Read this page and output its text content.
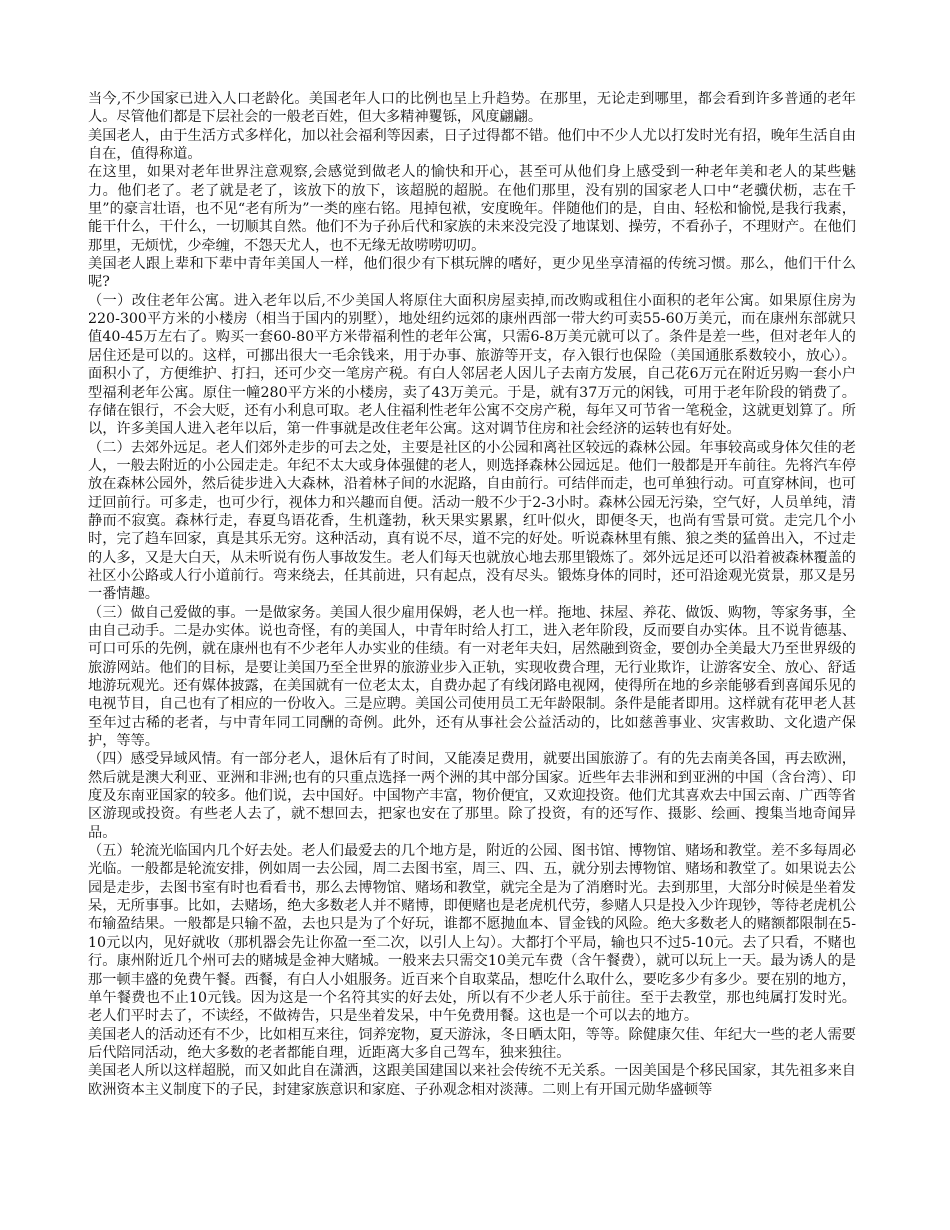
当今,不少国家已进入人口老龄化。美国老年人口的比例也呈上升趋势。在那里，无论走到哪里，都会看到许多普通的老年人。尽管他们都是下层社会的一般老百姓，但大多精神矍铄，风度翩翩。

美国老人，由于生活方式多样化，加以社会福利等因素，日子过得都不错。他们中不少人尤以打发时光有招，晚年生活自由自在，值得称道。

在这里，如果对老年世界注意观察,会感觉到做老人的愉快和开心，甚至可从他们身上感受到一种老年美和老人的某些魅力。他们老了。老了就是老了，该放下的放下，该超脱的超脱。在他们那里，没有别的国家老人口中“老骥伏枥，志在千里”的豪言壮语，也不见“老有所为”一类的座右铭。甩掉包袱，安度晚年。伴随他们的是，自由、轻松和愉悦,是我行我素，能干什么，干什么，一切顺其自然。他们不为子孙后代和家族的未来没完没了地谋划、操劳，不看孙子，不理财产。在他们那里，无烦忧，少牵缠，不怨天尤人，也不无缘无故唠唠叨叨。

美国老人跟上辈和下辈中青年美国人一样，他们很少有下棋玩牌的嗜好，更少见坐享清福的传统习惯。那么，他们干什么呢?

（一）改住老年公寓。进入老年以后,不少美国人将原住大面积房屋卖掉,而改购或租住小面积的老年公寓。如果原住房为220-300平方米的小楼房（相当于国内的别墅），地处纽约远郊的康州西部一带大约可卖55-60万美元，而在康州东部就只值40-45万左右了。购买一套60-80平方米带福利性的老年公寓，只需6-8万美元就可以了。条件是差一些，但对老年人的居住还是可以的。这样，可挪出很大一毛余钱来，用于办事、旅游等开支，存入银行也保险（美国通胀系数较小，放心）。面积小了，方便维护、打扫，还可少交一笔房产税。有白人邻居老人因儿子去南方发展，自己花6万元在附近另购一套小户型福利老年公寓。原住一幢280平方米的小楼房，卖了43万美元。于是，就有37万元的闲钱，可用于老年阶段的销费了。存储在银行，不会大贬，还有小利息可取。老人住福利性老年公寓不交房产税，每年又可节省一笔税金，这就更划算了。所以，许多美国人进入老年以后，第一件事就是改住老年公寓。这对调节住房和社会经济的运转也有好处。

（二）去郊外远足。老人们郊外走步的可去之处，主要是社区的小公园和离社区较远的森林公园。年事较高或身体欠佳的老人，一般去附近的小公园走走。年纪不太大或身体强健的老人，则选择森林公园远足。他们一般都是开车前往。先将汽车停放在森林公园外，然后徒步进入大森林，沿着林子间的水泥路，自由前行。可结伴而走，也可单独行动。可直穿林间，也可迂回前行。可多走，也可少行，视体力和兴趣而自便。活动一般不少于2-3小时。森林公园无污染，空气好，人员单纯，清静而不寂寞。森林行走，春夏鸟语花香，生机蓬勃，秋天果实累累，红叶似火，即便冬天，也尚有雪景可赏。走完几个小时，完了趋车回家，真是其乐无穷。这种活动，真有说不尽，道不完的好处。听说森林里有熊、狼之类的猛兽出入，不过走的人多，又是大白天，从未听说有伤人事故发生。老人们每天也就放心地去那里锻炼了。郊外远足还可以沿着被森林覆盖的社区小公路或人行小道前行。弯来绕去，任其前进，只有起点，没有尽头。锻炼身体的同时，还可沿途观光赏景，那又是另一番情趣。

（三）做自己爱做的事。一是做家务。美国人很少雇用保姆，老人也一样。拖地、抹屋、养花、做饭、购物，等家务事，全由自己动手。二是办实体。说也奇怪，有的美国人，中青年时给人打工，进入老年阶段，反而要自办实体。且不说肯德基、可口可乐的先例，就在康州也有不少老年人办实业的佳绩。有一对老年夫妇，居然融到资金，要创办全美最大乃至世界级的旅游网站。他们的目标，是要让美国乃至全世界的旅游业步入正轨，实现收费合理，无行业欺诈，让游客安全、放心、舒适地游玩观光。还有媒体披露，在美国就有一位老太太，自费办起了有线闭路电视网，使得所在地的乡亲能够看到喜闻乐见的电视节目，自己也有了相应的一份收入。三是应聘。美国公司使用员工无年龄限制。条件是能者即用。这样就有花甲老人甚至年过古稀的老者，与中青年同工同酬的奇例。此外，还有从事社会公益活动的，比如慈善事业、灾害救助、文化遗产保护，等等。

（四）感受异域风情。有一部分老人，退休后有了时间，又能凑足费用，就要出国旅游了。有的先去南美各国，再去欧洲，然后就是澳大利亚、亚洲和非洲;也有的只重点选择一两个洲的其中部分国家。近些年去非洲和到亚洲的中国（含台湾）、印度及东南亚国家的较多。他们说，去中国好。中国物产丰富，物价便宜，又欢迎投资。他们尤其喜欢去中国云南、广西等省区游现或投资。有些老人去了，就不想回去，把家也安在了那里。除了投资，有的还写作、摄影、绘画、搜集当地奇闻异品。

（五）轮流光临国内几个好去处。老人们最爱去的几个地方是，附近的公园、图书馆、博物馆、赌场和教堂。差不多每周必光临。一般都是轮流安排，例如周一去公园，周二去图书室，周三、四、五，就分别去博物馆、赌场和教堂了。如果说去公园是走步，去图书室有时也看看书，那么去博物馆、赌场和教堂，就完全是为了消磨时光。去到那里，大部分时候是坐着发呆，无所事事。比如，去赌场，绝大多数老人并不赌博，即便赌也是老虎机代劳，参赌人只是投入少许现钞，等待老虎机公布输盈结果。一般都是只输不盈，去也只是为了个好玩，谁都不愿抛血本、冒金钱的风险。绝大多数老人的赌额都限制在5-10元以内，见好就收（那机器会先让你盈一至二次，以引人上勾）。大都打个平局，输也只不过5-10元。去了只看，不赌也行。康州附近几个州可去的赌城是金神大赌城。一般来去只需交10美元车费（含午餐费），就可以玩上一天。最为诱人的是那一顿丰盛的免费午餐。西餐，有白人小姐服务。近百来个自取菜品，想吃什么取什么，要吃多少有多少。要在别的地方，单午餐费也不止10元钱。因为这是一个名符其实的好去处，所以有不少老人乐于前往。至于去教堂，那也纯属打发时光。老人们平时去了，不读经，不做祷告，只是坐着发呆，中午免费用餐。这也是一个可以去的地方。

美国老人的活动还有不少，比如相互来往，饲养宠物，夏天游泳，冬日晒太阳，等等。除健康欠佳、年纪大一些的老人需要后代陪同活动，绝大多数的老者都能自理，近距离大多自己驾车，独来独往。

美国老人所以这样超脱，而又如此自在潇洒，这跟美国建国以来社会传统不无关系。一因美国是个移民国家，其先祖多来自欧洲资本主义制度下的子民，封建家族意识和家庭、子孙观念相对淡薄。二则上有开国元勋华盛顿等
